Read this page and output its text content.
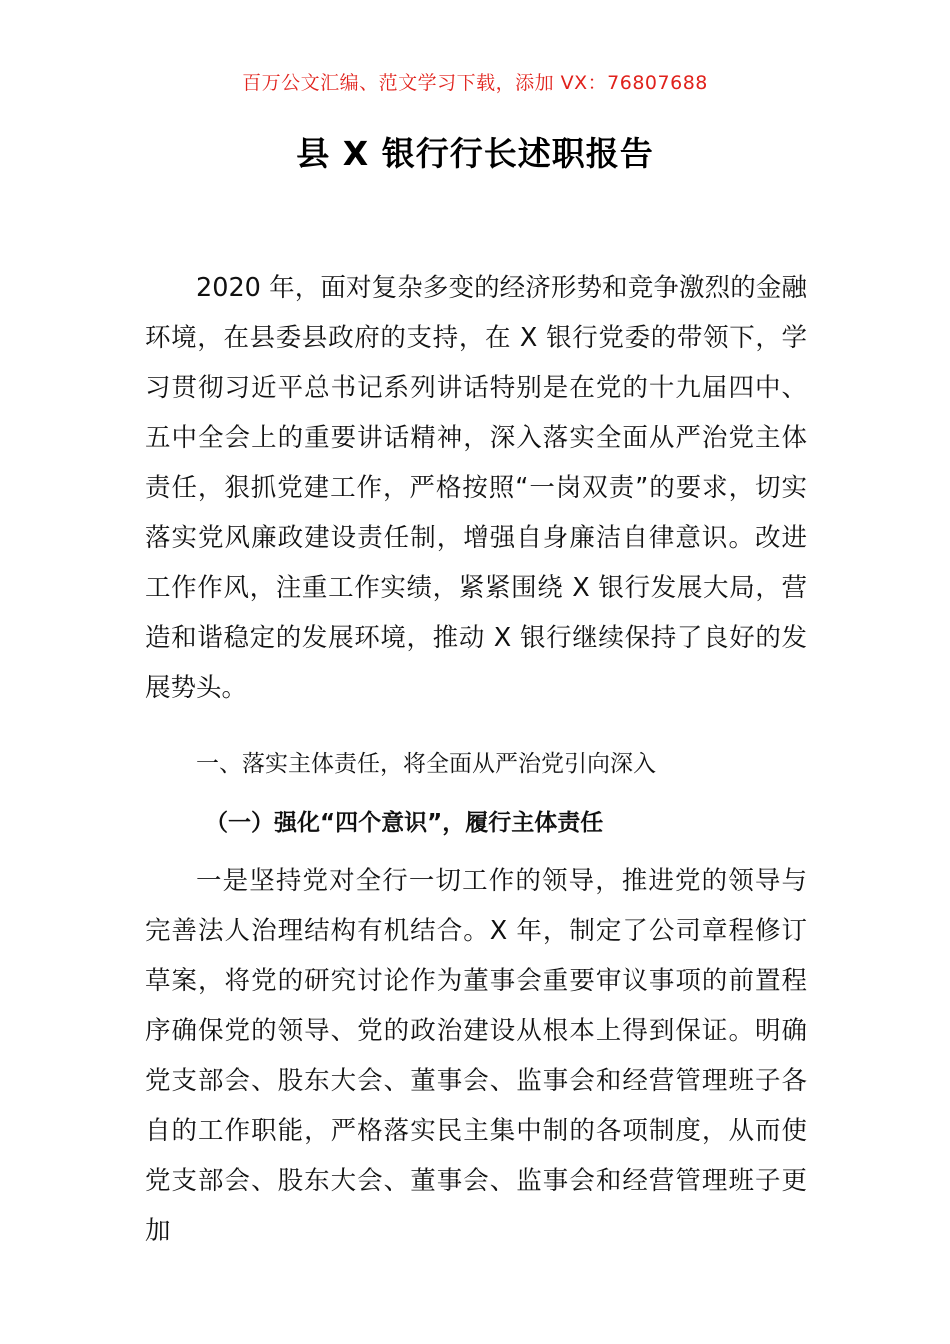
百万公文汇编、范文学习下载，添加 VX：76807688
县 X 银行行长述职报告

2020 年，面对复杂多变的经济形势和竞争激烈的金融环境，在县委县政府的支持，在 X 银行党委的带领下，学习贯彻习近平总书记系列讲话特别是在党的十九届四中、五中全会上的重要讲话精神，深入落实全面从严治党主体责任，狠抓党建工作，严格按照“一岗双责”的要求，切实落实党风廉政建设责任制，增强自身廉洁自律意识。改进工作作风，注重工作实绩，紧紧围绕 X 银行发展大局，营造和谐稳定的发展环境，推动 X 银行继续保持了良好的发展势头。

一、落实主体责任，将全面从严治党引向深入

（一）强化“四个意识”，履行主体责任

一是坚持党对全行一切工作的领导，推进党的领导与完善法人治理结构有机结合。X 年，制定了公司章程修订草案，将党的研究讨论作为董事会重要审议事项的前置程序确保党的领导、党的政治建设从根本上得到保证。明确党支部会、股东大会、董事会、监事会和经营管理班子各自的工作职能，严格落实民主集中制的各项制度，从而使党支部会、股东大会、董事会、监事会和经营管理班子更加
